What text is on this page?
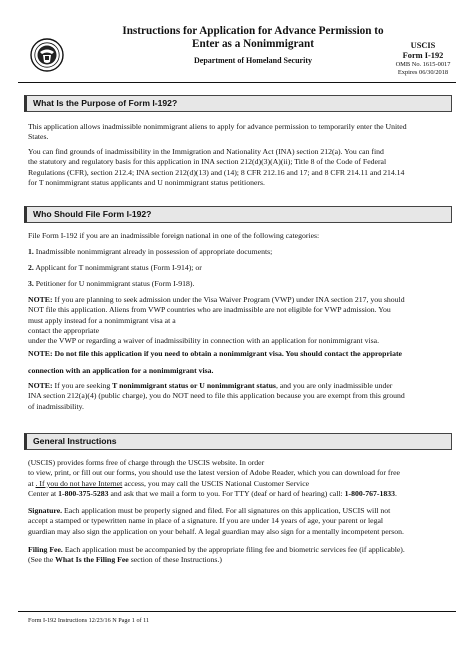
Instructions for Application for Advance Permission to
Enter as a Nonimmigrant
Department of Homeland Security
USCIS
Form I-192
OMB No. 1615-0017
Expires 06/30/2018
What Is the Purpose of Form I-192?
This application allows inadmissible nonimmigrant aliens to apply for advance permission to temporarily enter the United
States.
You can find grounds of inadmissibility in the Immigration and Nationality Act (INA) section 212(a). You can find
the statutory and regulatory basis for this application in INA section 212(d)(3)(A)(ii); Title 8 of the Code of Federal
Regulations (CFR), section 212.4; INA section 212(d)(13) and (14); 8 CFR 212.16 and 17; and 8 CFR 214.11 and 214.14
for T nonimmigrant status applicants and U nonimmigrant status petitioners.
Who Should File Form I-192?
File Form I-192 if you are an inadmissible foreign national in one of the following categories:
1. Inadmissible nonimmigrant already in possession of appropriate documents;
2. Applicant for T nonimmigrant status (Form I-914); or
3. Petitioner for U nonimmigrant status (Form I-918).
NOTE: If you are planning to seek admission under the Visa Waiver Program (VWP) under INA section 217, you should
NOT file this application. Aliens from VWP countries who are inadmissible are not eligible for VWP admission. You
must apply instead for a nonimmigrant visa at a
contact the appropriate
under the VWP or regarding a waiver of inadmissibility in connection with an application for nonimmigrant visa.
NOTE: Do not file this application if you need to obtain a nonimmigrant visa. You should contact the appropriate
connection with an application for a nonimmigrant visa.
NOTE: If you are seeking T nonimmigrant status or U nonimmigrant status, and you are only inadmissible under
INA section 212(a)(4) (public charge), you do NOT need to file this application because you are exempt from this ground
of inadmissibility.
General Instructions
(USCIS) provides forms free of charge through the USCIS website. In order
to view, print, or fill out our forms, you should use the latest version of Adobe Reader, which you can download for free
at . If you do not have Internet access, you may call the USCIS National Customer Service
Center at 1-800-375-5283 and ask that we mail a form to you. For TTY (deaf or hard of hearing) call: 1-800-767-1833.
Signature. Each application must be properly signed and filed. For all signatures on this application, USCIS will not
accept a stamped or typewritten name in place of a signature. If you are under 14 years of age, your parent or legal
guardian may also sign the application on your behalf. A legal guardian may also sign for a mentally incompetent person.
Filing Fee. Each application must be accompanied by the appropriate filing fee and biometric services fee (if applicable).
(See the What Is the Filing Fee section of these Instructions.)
Form I-192 Instructions 12/23/16 N Page 1 of 11
